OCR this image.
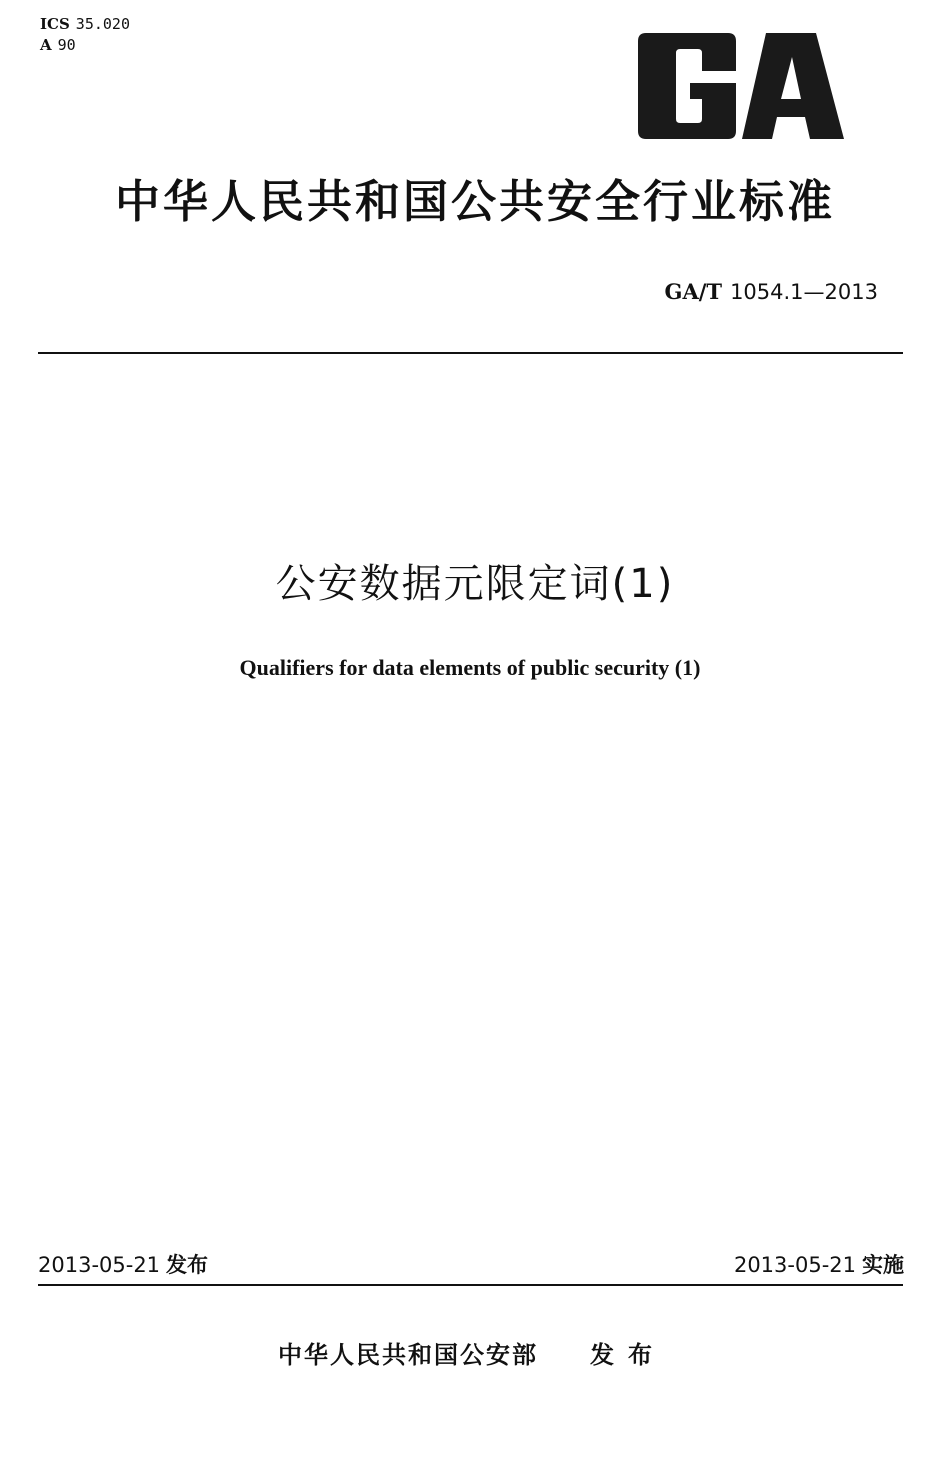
ICS 35.020
A 90
中华人民共和国公共安全行业标准
GA/T 1054.1—2013
公安数据元限定词(1)
Qualifiers for data elements of public security (1)
2013-05-21 发布	2013-05-21 实施
中华人民共和国公安部 发布
